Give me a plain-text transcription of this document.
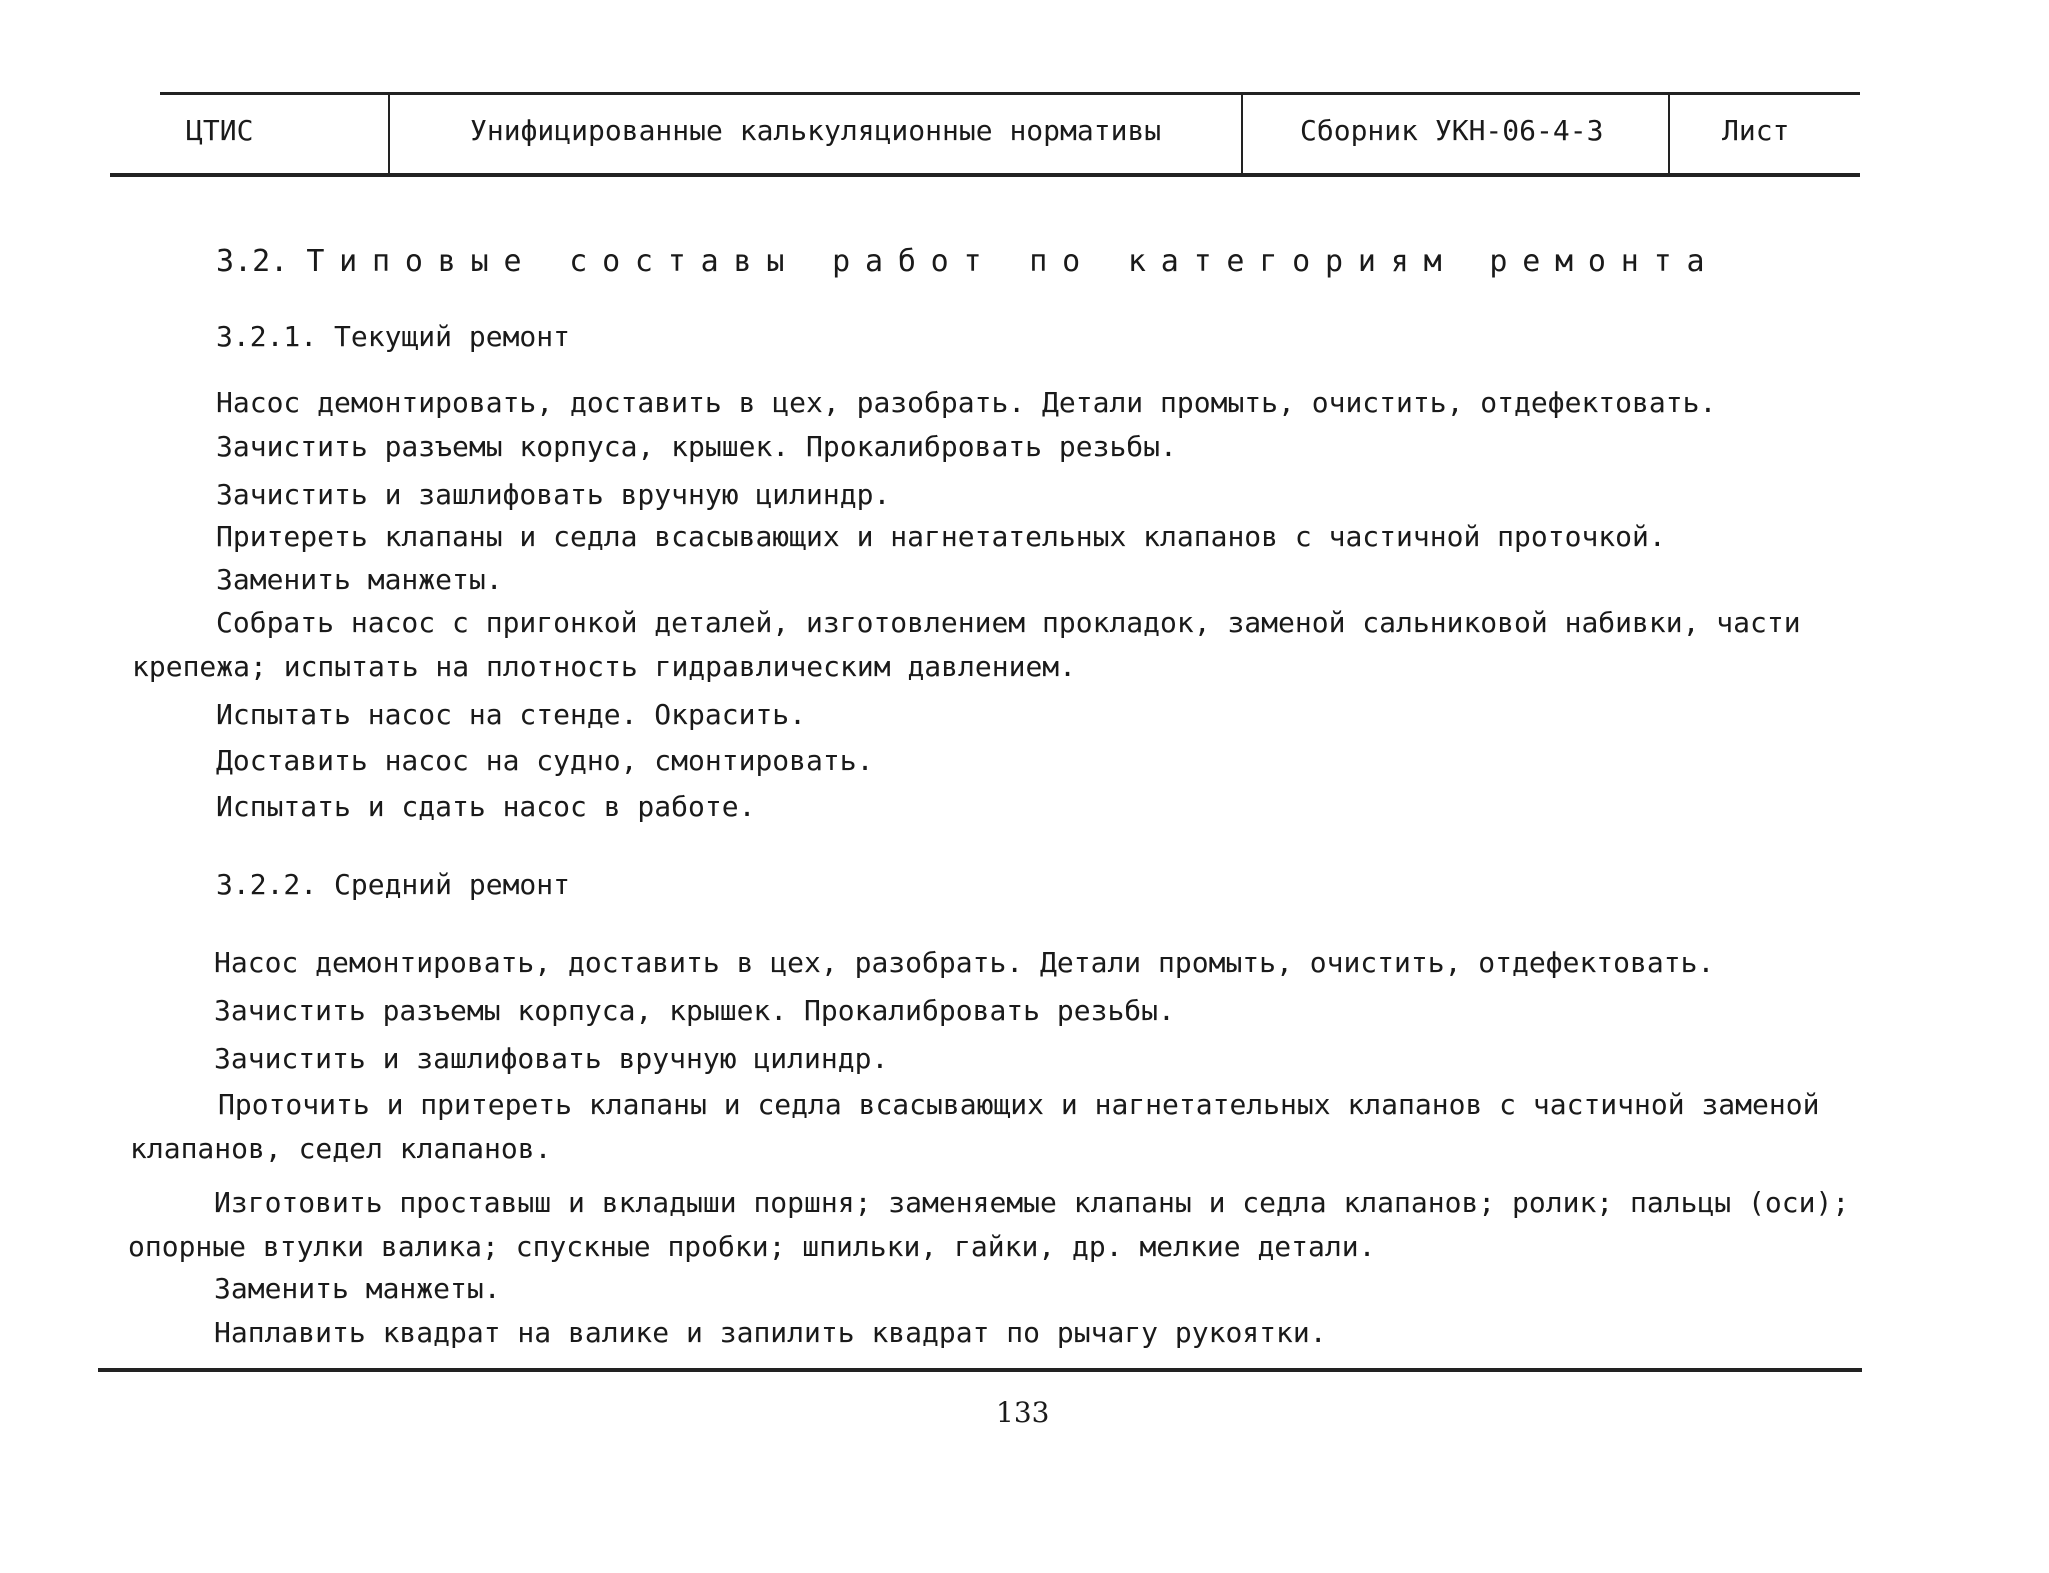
ЦТИС	Унифицированные калькуляционные нормативы	Сборник УКН-06-4-3	Лист
3.2. Типовые составы работ по категориям ремонта
3.2.1. Текущий ремонт
Насос демонтировать, доставить в цех, разобрать. Детали промыть, очистить, отдефектовать.
Зачистить разъемы корпуса, крышек. Прокалибровать резьбы.
Зачистить и зашлифовать вручную цилиндр.
Притереть клапаны и седла всасывающих и нагнетательных клапанов с частичной проточкой.
Заменить манжеты.
Собрать насос с пригонкой деталей, изготовлением прокладок, заменой сальниковой набивки, части
крепежа; испытать на плотность гидравлическим давлением.
Испытать насос на стенде. Окрасить.
Доставить насос на судно, смонтировать.
Испытать и сдать насос в работе.
3.2.2. Средний ремонт
Насос демонтировать, доставить в цех, разобрать. Детали промыть, очистить, отдефектовать.
Зачистить разъемы корпуса, крышек. Прокалибровать резьбы.
Зачистить и зашлифовать вручную цилиндр.
Проточить и притереть клапаны и седла всасывающих и нагнетательных клапанов с частичной заменой
клапанов, седел клапанов.
Изготовить проставыш и вкладыши поршня; заменяемые клапаны и седла клапанов; ролик; пальцы (оси);
опорные втулки валика; спускные пробки; шпильки, гайки, др. мелкие детали.
Заменить манжеты.
Наплавить квадрат на валике и запилить квадрат по рычагу рукоятки.
133
